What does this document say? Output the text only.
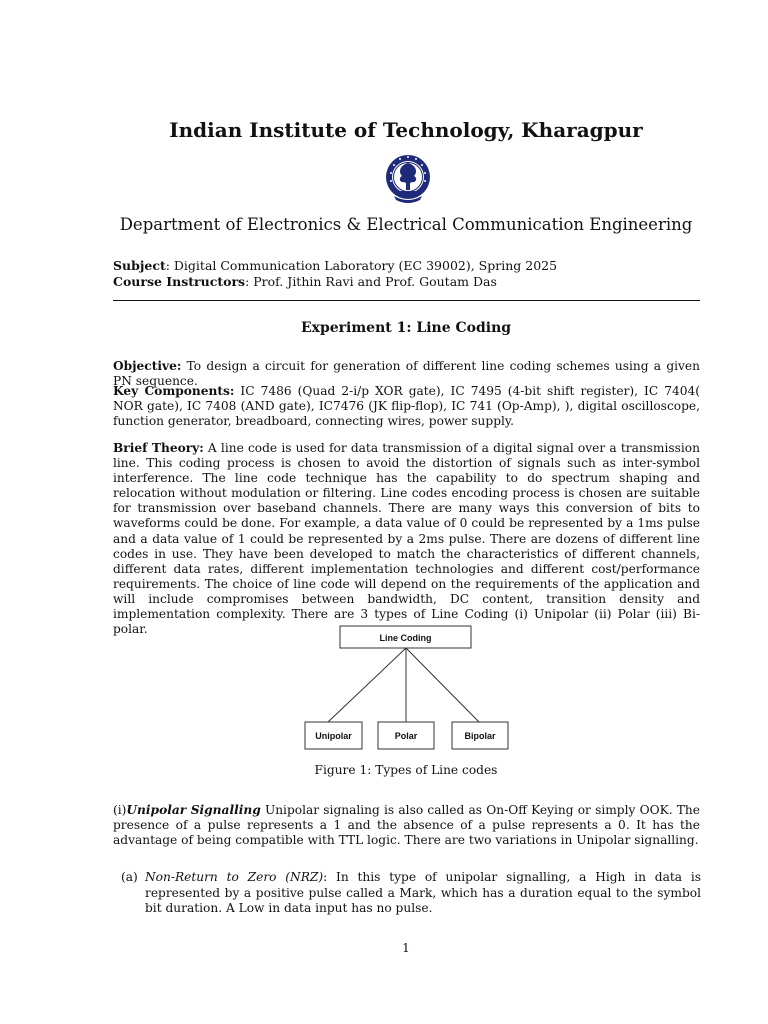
Indian Institute of Technology, Kharagpur
Department of Electronics & Electrical Communication Engineering
Subject: Digital Communication Laboratory (EC 39002), Spring 2025
Course Instructors: Prof. Jithin Ravi and Prof. Goutam Das
Experiment 1: Line Coding
Objective: To design a circuit for generation of different line coding schemes using a given PN sequence.
Key Components: IC 7486 (Quad 2-i/p XOR gate), IC 7495 (4-bit shift register), IC 7404( NOR gate), IC 7408 (AND gate), IC7476 (JK flip-flop), IC 741 (Op-Amp), ), digital oscilloscope, function generator, breadboard, connecting wires, power supply.
Brief Theory: A line code is used for data transmission of a digital signal over a transmission line. This coding process is chosen to avoid the distortion of signals such as inter-symbol interference. The line code technique has the capability to do spectrum shaping and relocation without modulation or filtering. Line codes encoding process is chosen are suitable for transmission over baseband channels. There are many ways this conversion of bits to waveforms could be done. For example, a data value of 0 could be represented by a 1ms pulse and a data value of 1 could be represented by a 2ms pulse. There are dozens of different line codes in use. They have been developed to match the characteristics of different channels, different data rates, different implementation technologies and different cost/performance requirements. The choice of line code will depend on the requirements of the application and will include compromises between bandwidth, DC content, transition density and implementation complexity. There are 3 types of Line Coding (i) Unipolar (ii) Polar (iii) Bi-polar.
Line Coding
Unipolar	Polar	Bipolar
Figure 1: Types of Line codes
(i)Unipolar Signalling Unipolar signaling is also called as On-Off Keying or simply OOK. The presence of a pulse represents a 1 and the absence of a pulse represents a 0. It has the advantage of being compatible with TTL logic. There are two variations in Unipolar signalling.
(a) Non-Return to Zero (NRZ): In this type of unipolar signalling, a High in data is represented by a positive pulse called a Mark, which has a duration equal to the symbol bit duration. A Low in data input has no pulse.
1
